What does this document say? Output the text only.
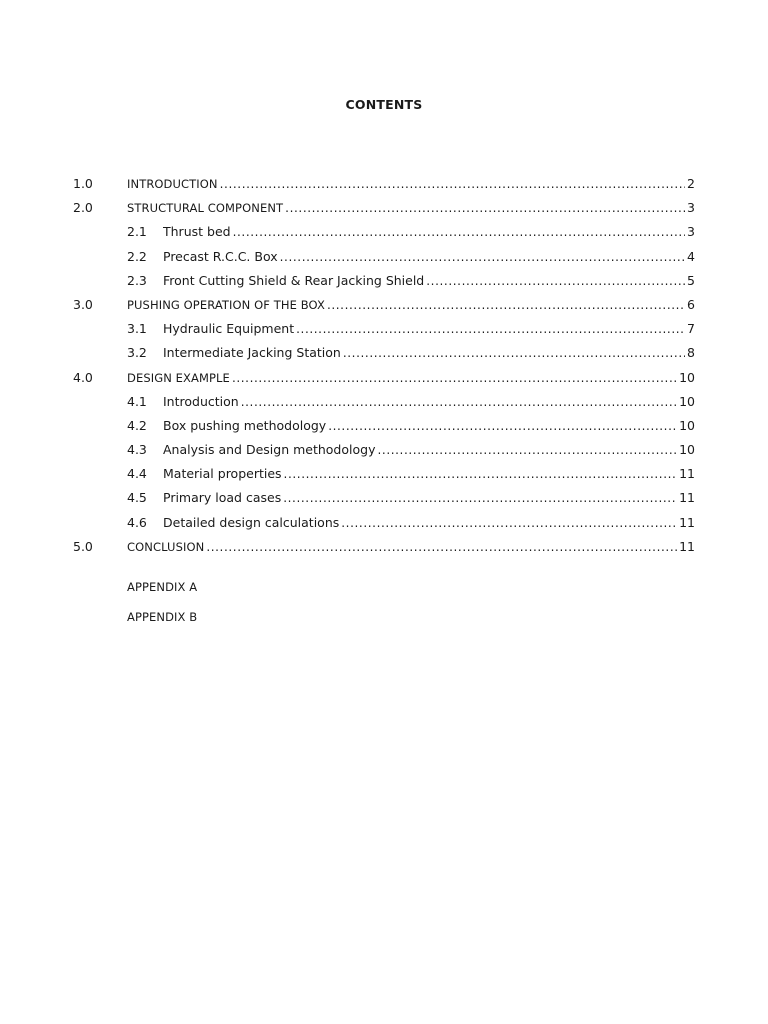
CONTENTS
1.0	INTRODUCTION .....	2
2.0	STRUCTURAL COMPONENT .....	3
2.1 Thrust bed .....	3
2.2 Precast R.C.C. Box .....	4
2.3 Front Cutting Shield & Rear Jacking Shield .....	5
3.0	PUSHING OPERATION OF THE BOX .....	6
3.1 Hydraulic Equipment .....	7
3.2 Intermediate Jacking Station .....	8
4.0	DESIGN EXAMPLE .....	10
4.1 Introduction .....	10
4.2 Box pushing methodology .....	10
4.3 Analysis and Design methodology .....	10
4.4 Material properties .....	11
4.5 Primary load cases .....	11
4.6 Detailed design calculations .....	11
5.0	CONCLUSION .....	11
APPENDIX A
APPENDIX B
